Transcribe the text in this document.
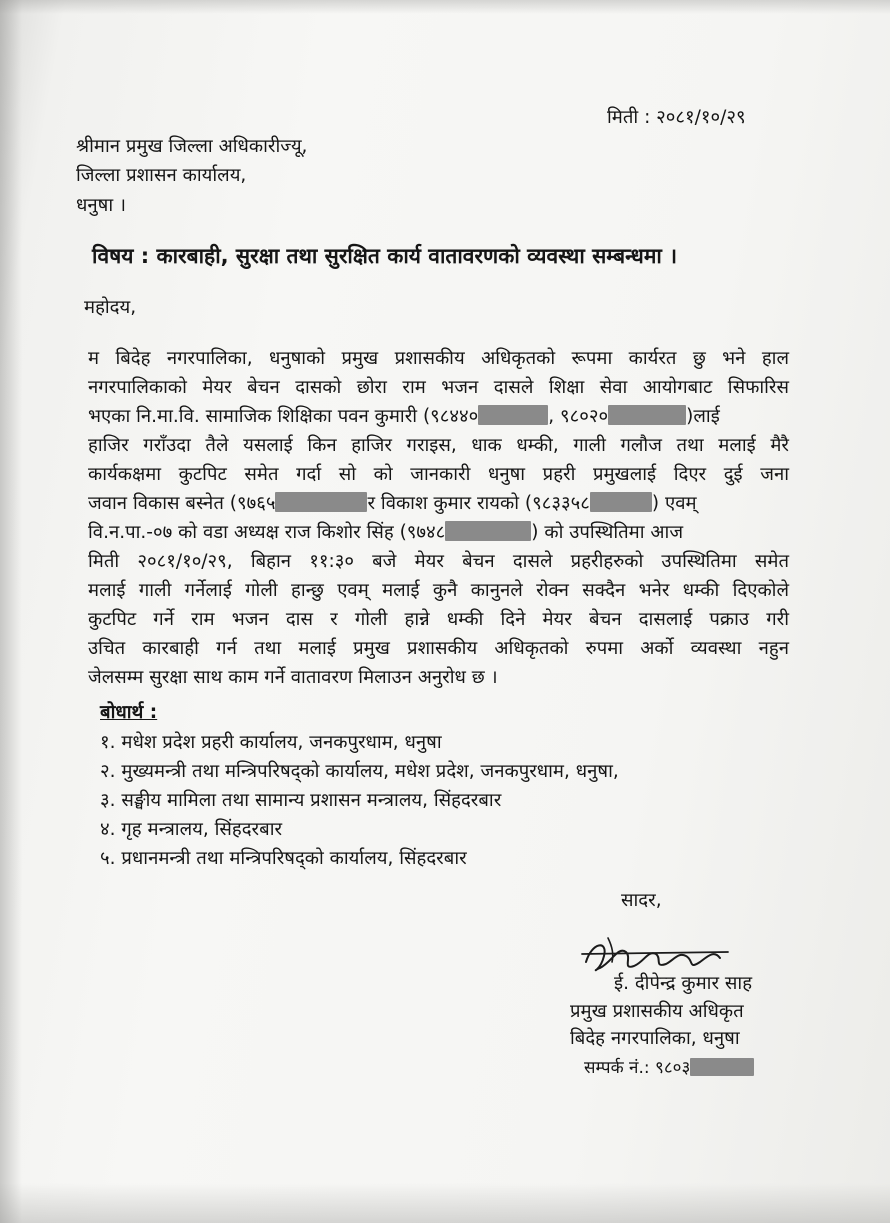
मिती : २०८१/१०/२९
श्रीमान प्रमुख जिल्ला अधिकारीज्यू,
जिल्ला प्रशासन कार्यालय,
धनुषा ।
विषय : कारबाही, सुरक्षा तथा सुरक्षित कार्य वातावरणको व्यवस्था सम्बन्धमा ।
महोदय,
म बिदेह नगरपालिका, धनुषाको प्रमुख प्रशासकीय अधिकृतको रूपमा कार्यरत छु भने हाल
नगरपालिकाको मेयर बेचन दासको छोरा राम भजन दासले शिक्षा सेवा आयोगबाट सिफारिस
भएका नि.मा.वि. सामाजिक शिक्षिका पवन कुमारी (९८४४०	, ९८०२०	)लाई
हाजिर गराँउदा तैले यसलाई किन हाजिर गराइस, धाक धम्की, गाली गलौज तथा मलाई मैरै
कार्यकक्षमा कुटपिट समेत गर्दा सो को जानकारी धनुषा प्रहरी प्रमुखलाई दिएर दुई जना
जवान विकास बस्नेत (९७६५	र विकाश कुमार रायको (९८३३५८	) एवम्
वि.न.पा.-०७ को वडा अध्यक्ष राज किशोर सिंह (९७४८	) को उपस्थितिमा आज
मिती २०८१/१०/२९, बिहान ११:३० बजे मेयर बेचन दासले प्रहरीहरुको उपस्थितिमा समेत
मलाई गाली गर्नेलाई गोली हान्छु एवम् मलाई कुनै कानुनले रोक्न सक्दैन भनेर धम्की दिएकोले
कुटपिट गर्ने राम भजन दास र गोली हान्ने धम्की दिने मेयर बेचन दासलाई पक्राउ गरी
उचित कारबाही गर्न तथा मलाई प्रमुख प्रशासकीय अधिकृतको रुपमा अर्को व्यवस्था नहुन
जेलसम्म सुरक्षा साथ काम गर्ने वातावरण मिलाउन अनुरोध छ ।
बोधार्थ :
१. मधेश प्रदेश प्रहरी कार्यालय, जनकपुरधाम, धनुषा
२. मुख्यमन्त्री तथा मन्त्रिपरिषद्को कार्यालय, मधेश प्रदेश, जनकपुरधाम, धनुषा,
३. सङ्घीय मामिला तथा सामान्य प्रशासन मन्त्रालय, सिंहदरबार
४. गृह मन्त्रालय, सिंहदरबार
५. प्रधानमन्त्री तथा मन्त्रिपरिषद्को कार्यालय, सिंहदरबार
सादर,
ई. दीपेन्द्र कुमार साह
प्रमुख प्रशासकीय अधिकृत
बिदेह नगरपालिका, धनुषा
सम्पर्क नं.: ९८०३
